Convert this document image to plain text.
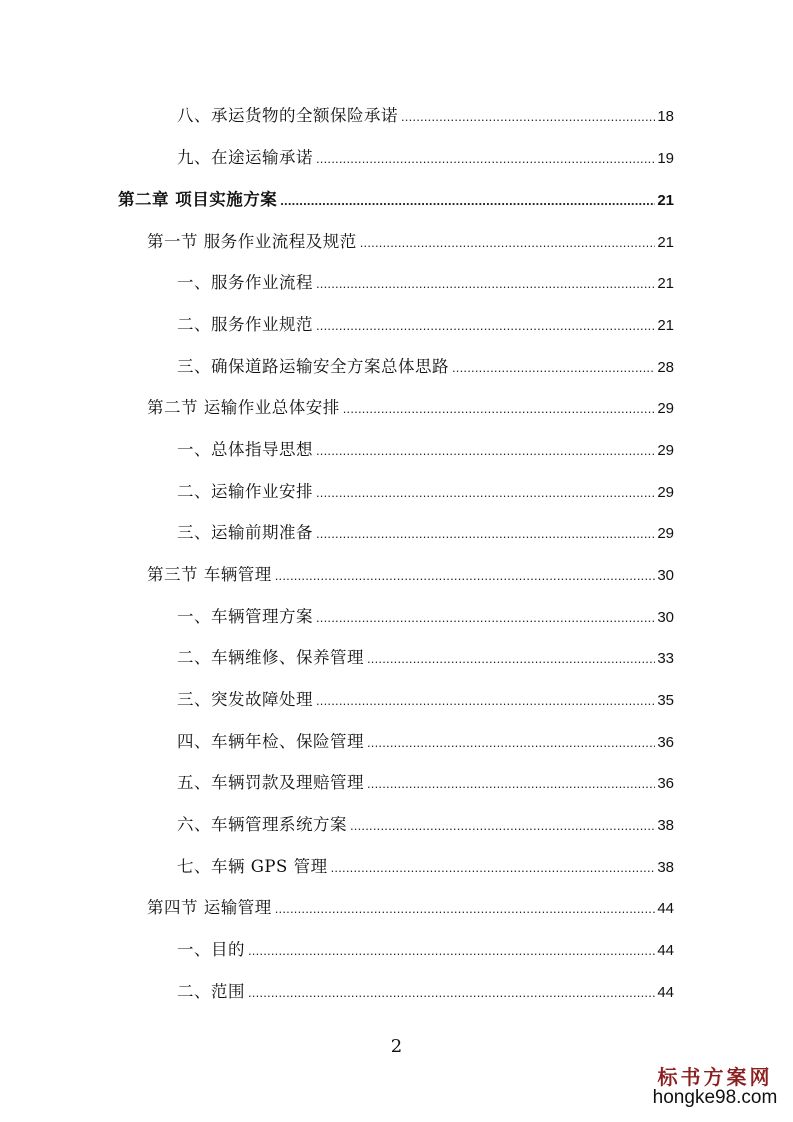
八、承运货物的全额保险承诺 .....	18
九、在途运输承诺 .....	19
第二章 项目实施方案 .....	21
第一节 服务作业流程及规范 .....	21
一、服务作业流程 .....	21
二、服务作业规范 .....	21
三、确保道路运输安全方案总体思路 .....	28
第二节 运输作业总体安排 .....	29
一、总体指导思想 .....	29
二、运输作业安排 .....	29
三、运输前期准备 .....	29
第三节 车辆管理 .....	30
一、车辆管理方案 .....	30
二、车辆维修、保养管理 .....	33
三、突发故障处理 .....	35
四、车辆年检、保险管理 .....	36
五、车辆罚款及理赔管理 .....	36
六、车辆管理系统方案 .....	38
七、车辆 GPS 管理 .....	38
第四节 运输管理 .....	44
一、目的 .....	44
二、范围 .....	44
2
标书方案网
hongke98.com
